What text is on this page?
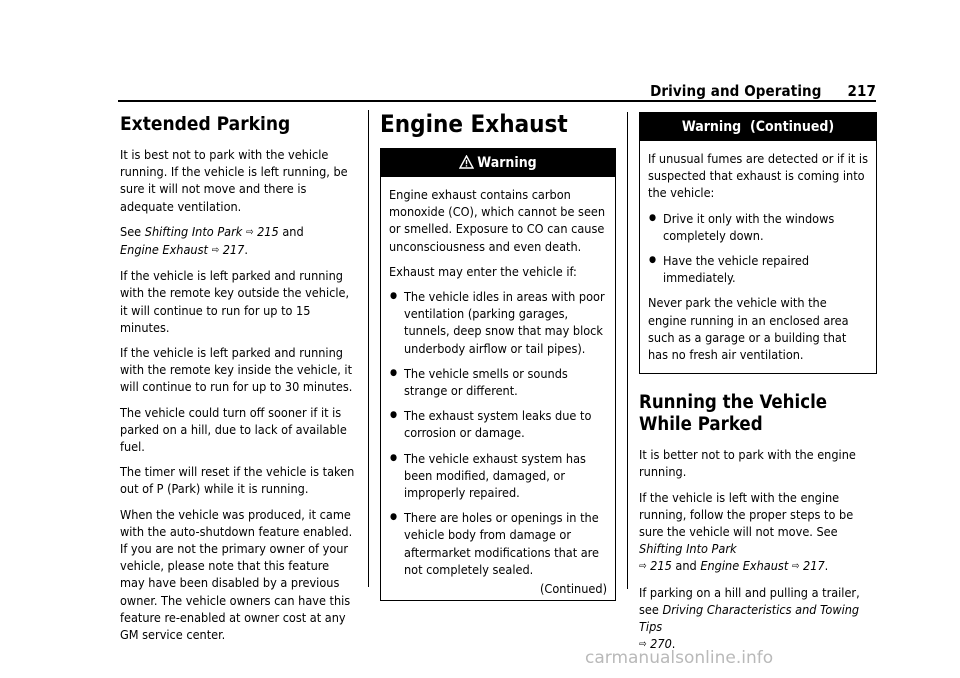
Driving and Operating 217
Extended Parking

It is best not to park with the vehicle running. If the vehicle is left running, be sure it will not move and there is adequate ventilation.

See Shifting Into Park ⇨ 215 and
Engine Exhaust ⇨ 217.

If the vehicle is left parked and running with the remote key outside the vehicle, it will continue to run for up to 15 minutes.

If the vehicle is left parked and running with the remote key inside the vehicle, it will continue to run for up to 30 minutes.

The vehicle could turn off sooner if it is parked on a hill, due to lack of available fuel.

The timer will reset if the vehicle is taken out of P (Park) while it is running.

When the vehicle was produced, it came with the auto-shutdown feature enabled. If you are not the primary owner of your vehicle, please note that this feature may have been disabled by a previous owner. The vehicle owners can have this feature re-enabled at owner cost at any GM service center.

Engine Exhaust
Warning

Engine exhaust contains carbon monoxide (CO), which cannot be seen or smelled. Exposure to CO can cause unconsciousness and even death.

Exhaust may enter the vehicle if:

● The vehicle idles in areas with poor ventilation (parking garages, tunnels, deep snow that may block underbody airflow or tail pipes).
● The vehicle smells or sounds strange or different.
● The exhaust system leaks due to corrosion or damage.
● The vehicle exhaust system has been modified, damaged, or improperly repaired.
● There are holes or openings in the vehicle body from damage or aftermarket modifications that are not completely sealed.
(Continued)
Warning  (Continued)

If unusual fumes are detected or if it is suspected that exhaust is coming into the vehicle:

● Drive it only with the windows completely down.
● Have the vehicle repaired immediately.

Never park the vehicle with the engine running in an enclosed area such as a garage or a building that has no fresh air ventilation.

Running the Vehicle While Parked

It is better not to park with the engine running.

If the vehicle is left with the engine running, follow the proper steps to be sure the vehicle will not move. See Shifting Into Park
⇨ 215 and Engine Exhaust ⇨ 217.

If parking on a hill and pulling a trailer, see Driving Characteristics and Towing Tips
⇨ 270.

carmanualsonline.info
